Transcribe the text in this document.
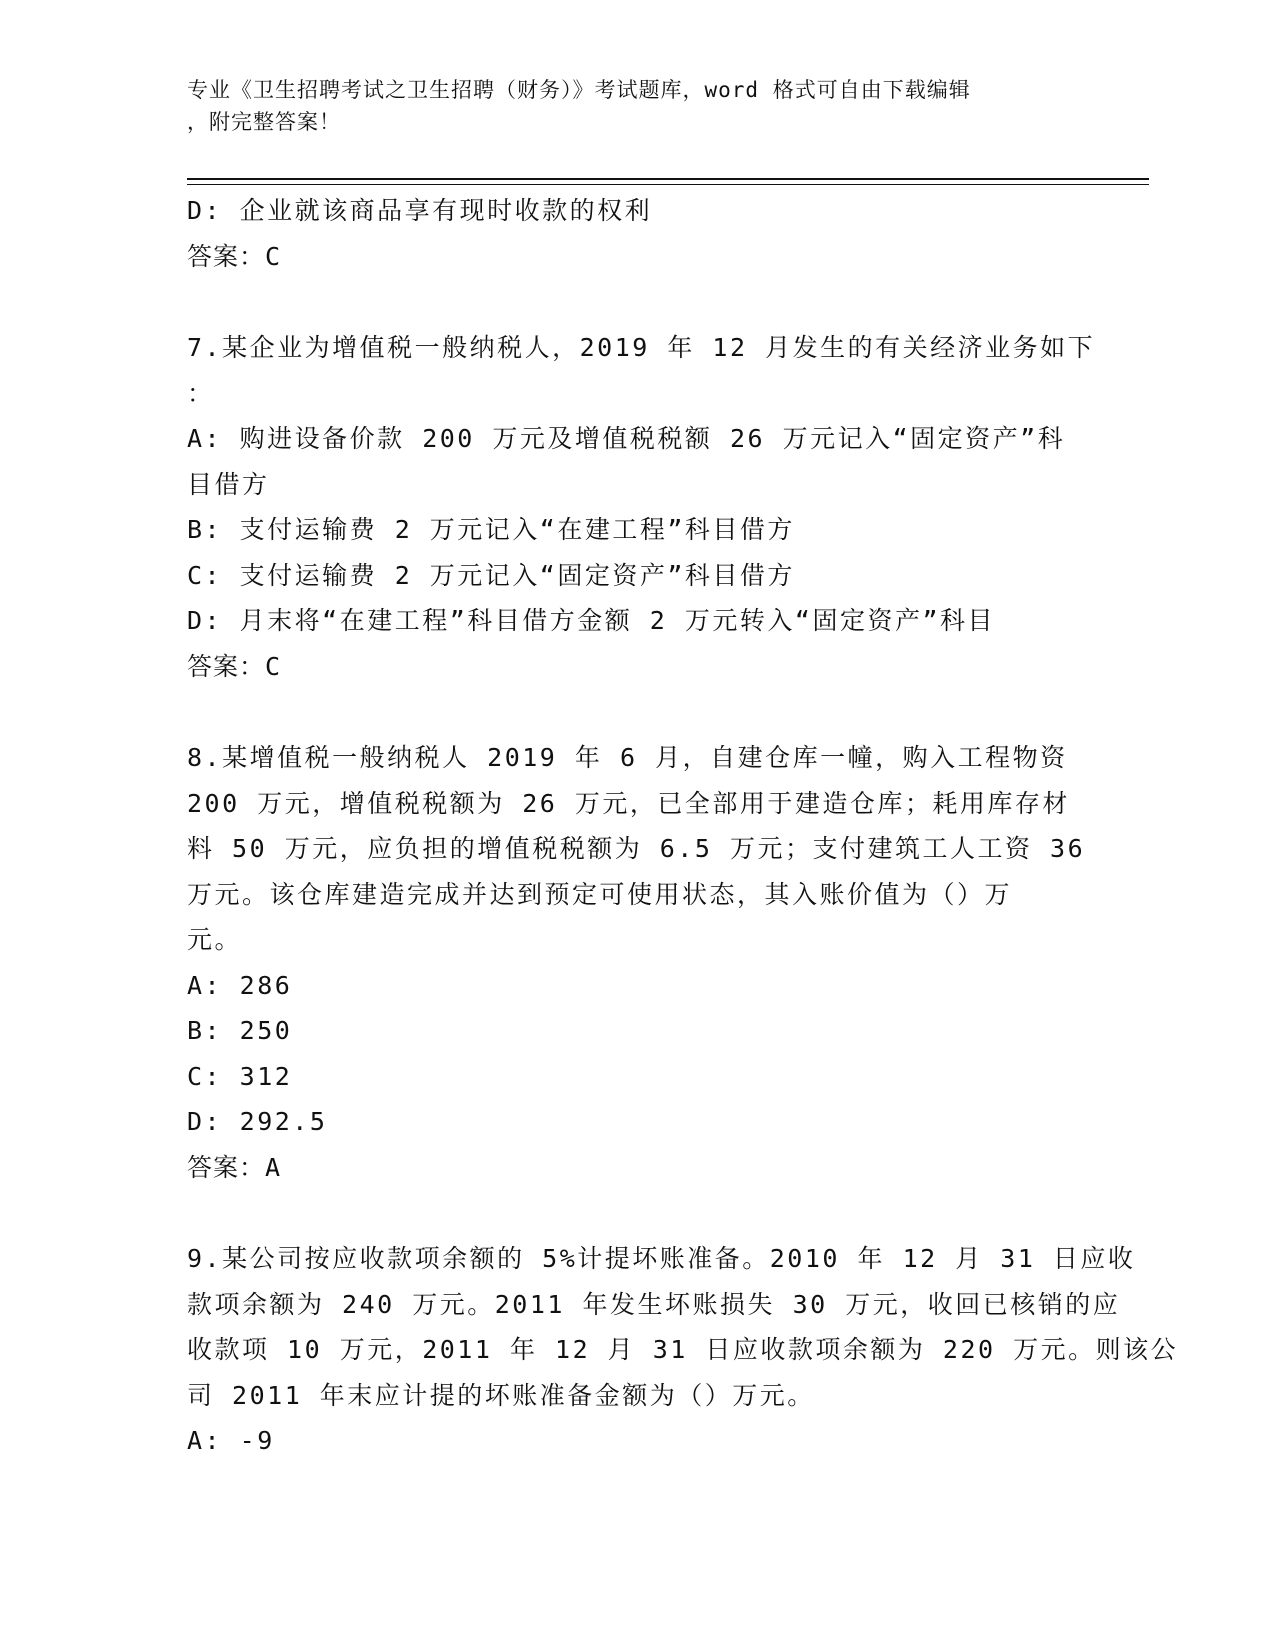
专业《卫生招聘考试之卫生招聘（财务）》考试题库，word 格式可自由下载编辑
，附完整答案！
D: 企业就该商品享有现时收款的权利
答案：C
7.某企业为增值税一般纳税人，2019 年 12 月发生的有关经济业务如下
：
A: 购进设备价款 200 万元及增值税税额 26 万元记入“固定资产”科
目借方
B: 支付运输费 2 万元记入“在建工程”科目借方
C: 支付运输费 2 万元记入“固定资产”科目借方
D: 月末将“在建工程”科目借方金额 2 万元转入“固定资产”科目
答案：C
8.某增值税一般纳税人 2019 年 6 月，自建仓库一幢，购入工程物资
200 万元，增值税税额为 26 万元，已全部用于建造仓库；耗用库存材
料 50 万元，应负担的增值税税额为 6.5 万元；支付建筑工人工资 36
万元。该仓库建造完成并达到预定可使用状态，其入账价值为（）万
元。
A: 286
B: 250
C: 312
D: 292.5
答案：A
9.某公司按应收款项余额的 5%计提坏账准备。2010 年 12 月 31 日应收
款项余额为 240 万元。2011 年发生坏账损失 30 万元，收回已核销的应
收款项 10 万元，2011 年 12 月 31 日应收款项余额为 220 万元。则该公
司 2011 年末应计提的坏账准备金额为（）万元。
A: -9
